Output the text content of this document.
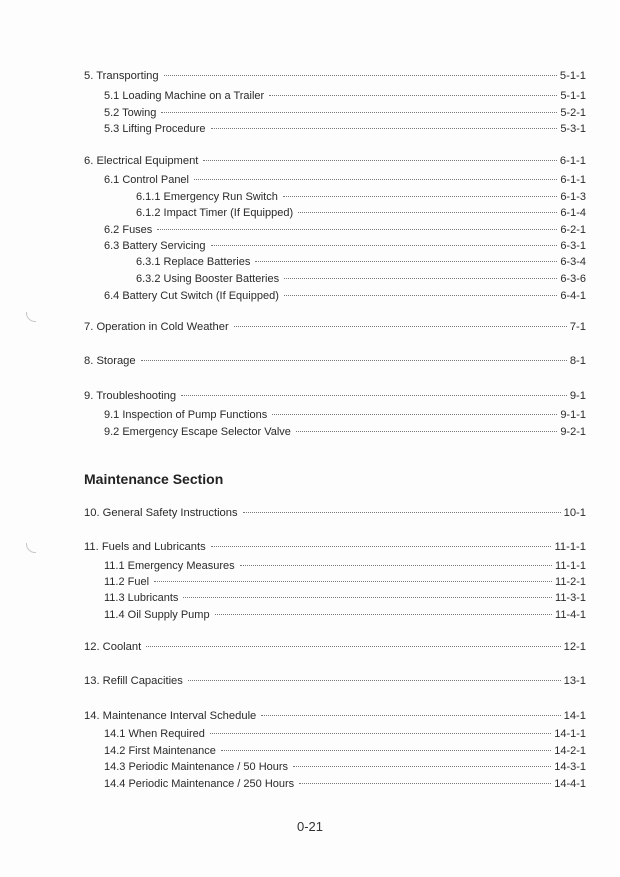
5. Transporting	5-1-1
5.1 Loading Machine on a Trailer	5-1-1
5.2 Towing	5-2-1
5.3 Lifting Procedure	5-3-1
6. Electrical Equipment	6-1-1
6.1 Control Panel	6-1-1
6.1.1 Emergency Run Switch	6-1-3
6.1.2 Impact Timer (If Equipped)	6-1-4
6.2 Fuses	6-2-1
6.3 Battery Servicing	6-3-1
6.3.1 Replace Batteries	6-3-4
6.3.2 Using Booster Batteries	6-3-6
6.4 Battery Cut Switch (If Equipped)	6-4-1
7. Operation in Cold Weather	7-1
8. Storage	8-1
9. Troubleshooting	9-1
9.1 Inspection of Pump Functions	9-1-1
9.2 Emergency Escape Selector Valve	9-2-1
Maintenance Section
10. General Safety Instructions	10-1
11. Fuels and Lubricants	11-1-1
11.1 Emergency Measures	11-1-1
11.2 Fuel	11-2-1
11.3 Lubricants	11-3-1
11.4 Oil Supply Pump	11-4-1
12. Coolant	12-1
13. Refill Capacities	13-1
14. Maintenance Interval Schedule	14-1
14.1 When Required	14-1-1
14.2 First Maintenance	14-2-1
14.3 Periodic Maintenance / 50 Hours	14-3-1
14.4 Periodic Maintenance / 250 Hours	14-4-1
0-21
